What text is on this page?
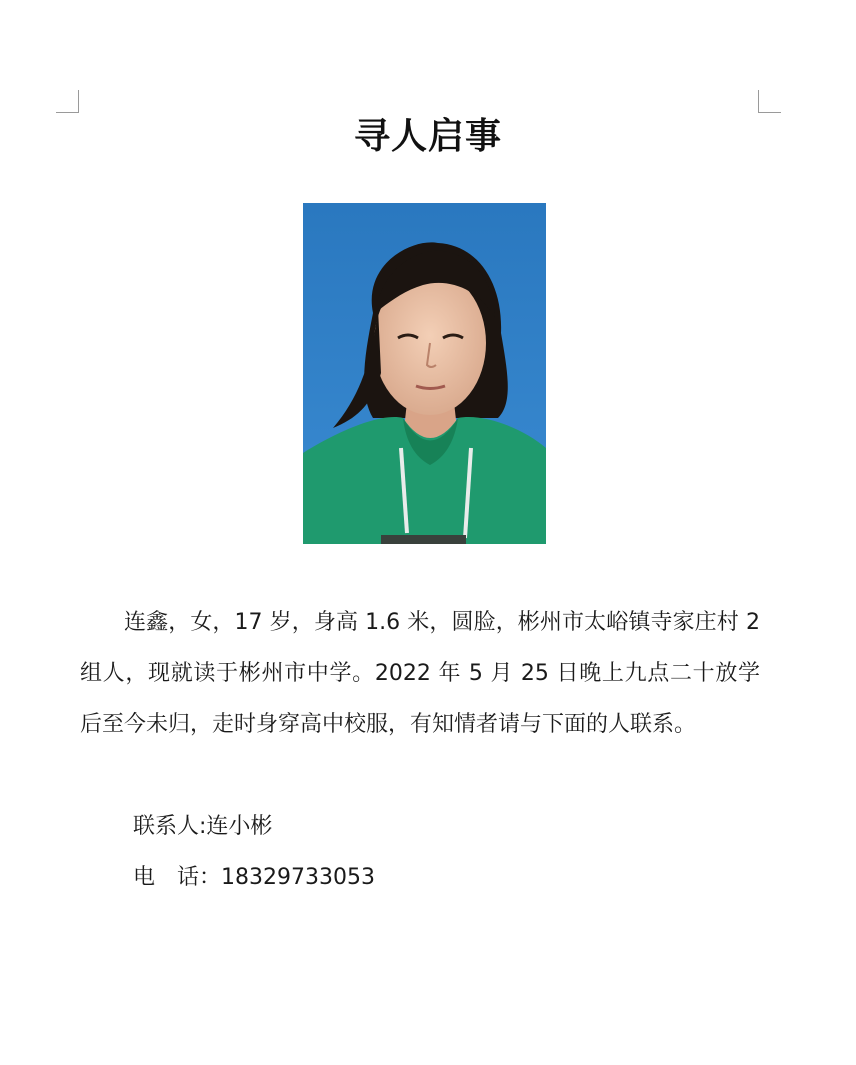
寻人启事

连鑫，女，17 岁，身高 1.6 米，圆脸，彬州市太峪镇寺家庄村 2 组人，现就读于彬州市中学。2022 年 5 月 25 日晚上九点二十放学后至今未归，走时身穿高中校服，有知情者请与下面的人联系。

联系人:连小彬
电　话：18329733053
